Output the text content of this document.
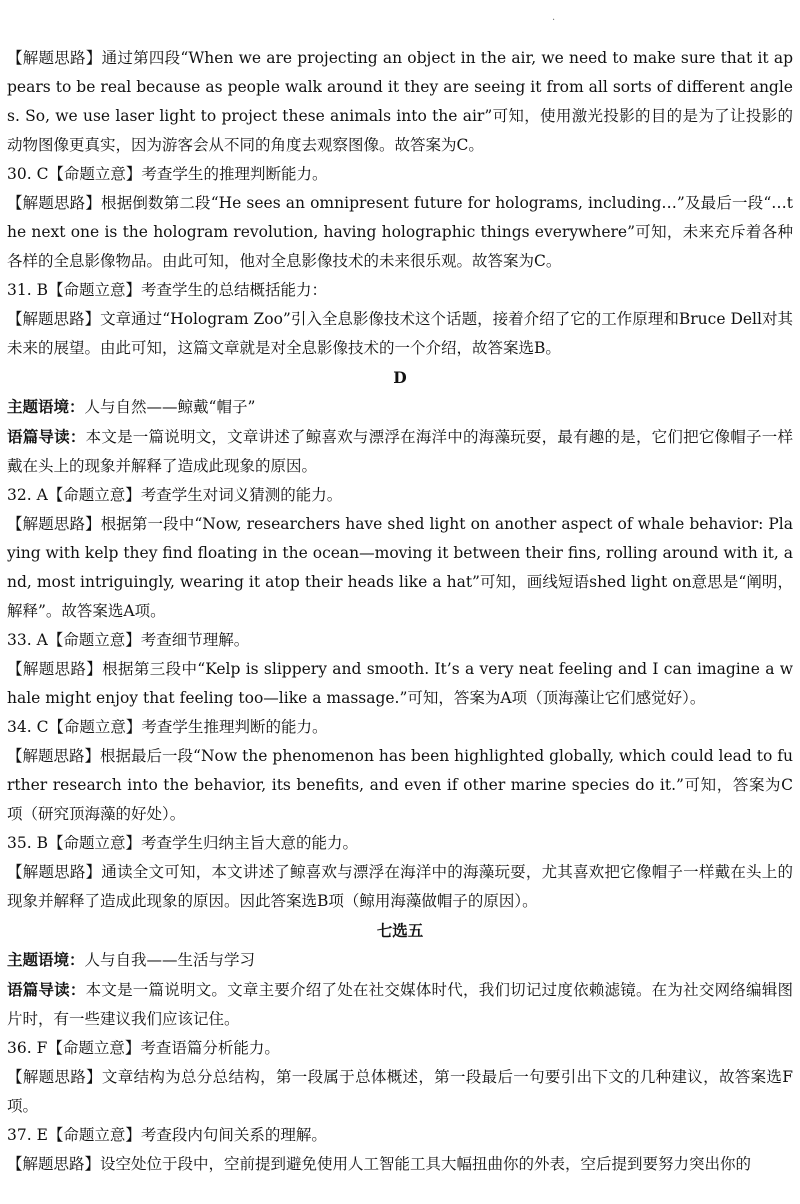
·

【解题思路】通过第四段“When we are projecting an object in the air, we need to make sure that it appears to be real because as people walk around it they are seeing it from all sorts of different angles. So, we use laser light to project these animals into the air”可知，使用激光投影的目的是为了让投影的动物图像更真实，因为游客会从不同的角度去观察图像。故答案为C。

30. C【命题立意】考查学生的推理判断能力。

【解题思路】根据倒数第二段“He sees an omnipresent future for holograms, including…”及最后一段“…the next one is the hologram revolution, having holographic things everywhere”可知，未来充斥着各种各样的全息影像物品。由此可知，他对全息影像技术的未来很乐观。故答案为C。

31. B【命题立意】考查学生的总结概括能力：

【解题思路】文章通过“Hologram Zoo”引入全息影像技术这个话题，接着介绍了它的工作原理和Bruce Dell对其未来的展望。由此可知，这篇文章就是对全息影像技术的一个介绍，故答案选B。

D

主题语境：人与自然——鲸戴“帽子”

语篇导读：本文是一篇说明文，文章讲述了鲸喜欢与漂浮在海洋中的海藻玩耍，最有趣的是，它们把它像帽子一样戴在头上的现象并解释了造成此现象的原因。

32. A【命题立意】考查学生对词义猜测的能力。

【解题思路】根据第一段中“Now, researchers have shed light on another aspect of whale behavior: Playing with kelp they find floating in the ocean—moving it between their fins, rolling around with it, and, most intriguingly, wearing it atop their heads like a hat”可知，画线短语shed light on意思是“阐明，解释”。故答案选A项。

33. A【命题立意】考查细节理解。

【解题思路】根据第三段中“Kelp is slippery and smooth. It’s a very neat feeling and I can imagine a whale might enjoy that feeling too—like a massage.”可知，答案为A项（顶海藻让它们感觉好）。

34. C【命题立意】考查学生推理判断的能力。

【解题思路】根据最后一段“Now the phenomenon has been highlighted globally, which could lead to further research into the behavior, its benefits, and even if other marine species do it.”可知，答案为C项（研究顶海藻的好处）。

35. B【命题立意】考查学生归纳主旨大意的能力。

【解题思路】通读全文可知，本文讲述了鲸喜欢与漂浮在海洋中的海藻玩耍，尤其喜欢把它像帽子一样戴在头上的现象并解释了造成此现象的原因。因此答案选B项（鲸用海藻做帽子的原因）。

七选五

主题语境：人与自我——生活与学习

语篇导读：本文是一篇说明文。文章主要介绍了处在社交媒体时代，我们切记过度依赖滤镜。在为社交网络编辑图片时，有一些建议我们应该记住。

36. F【命题立意】考查语篇分析能力。

【解题思路】文章结构为总分总结构，第一段属于总体概述，第一段最后一句要引出下文的几种建议，故答案选F项。

37. E【命题立意】考查段内句间关系的理解。

【解题思路】设空处位于段中，空前提到避免使用人工智能工具大幅扭曲你的外表，空后提到要努力突出你的
